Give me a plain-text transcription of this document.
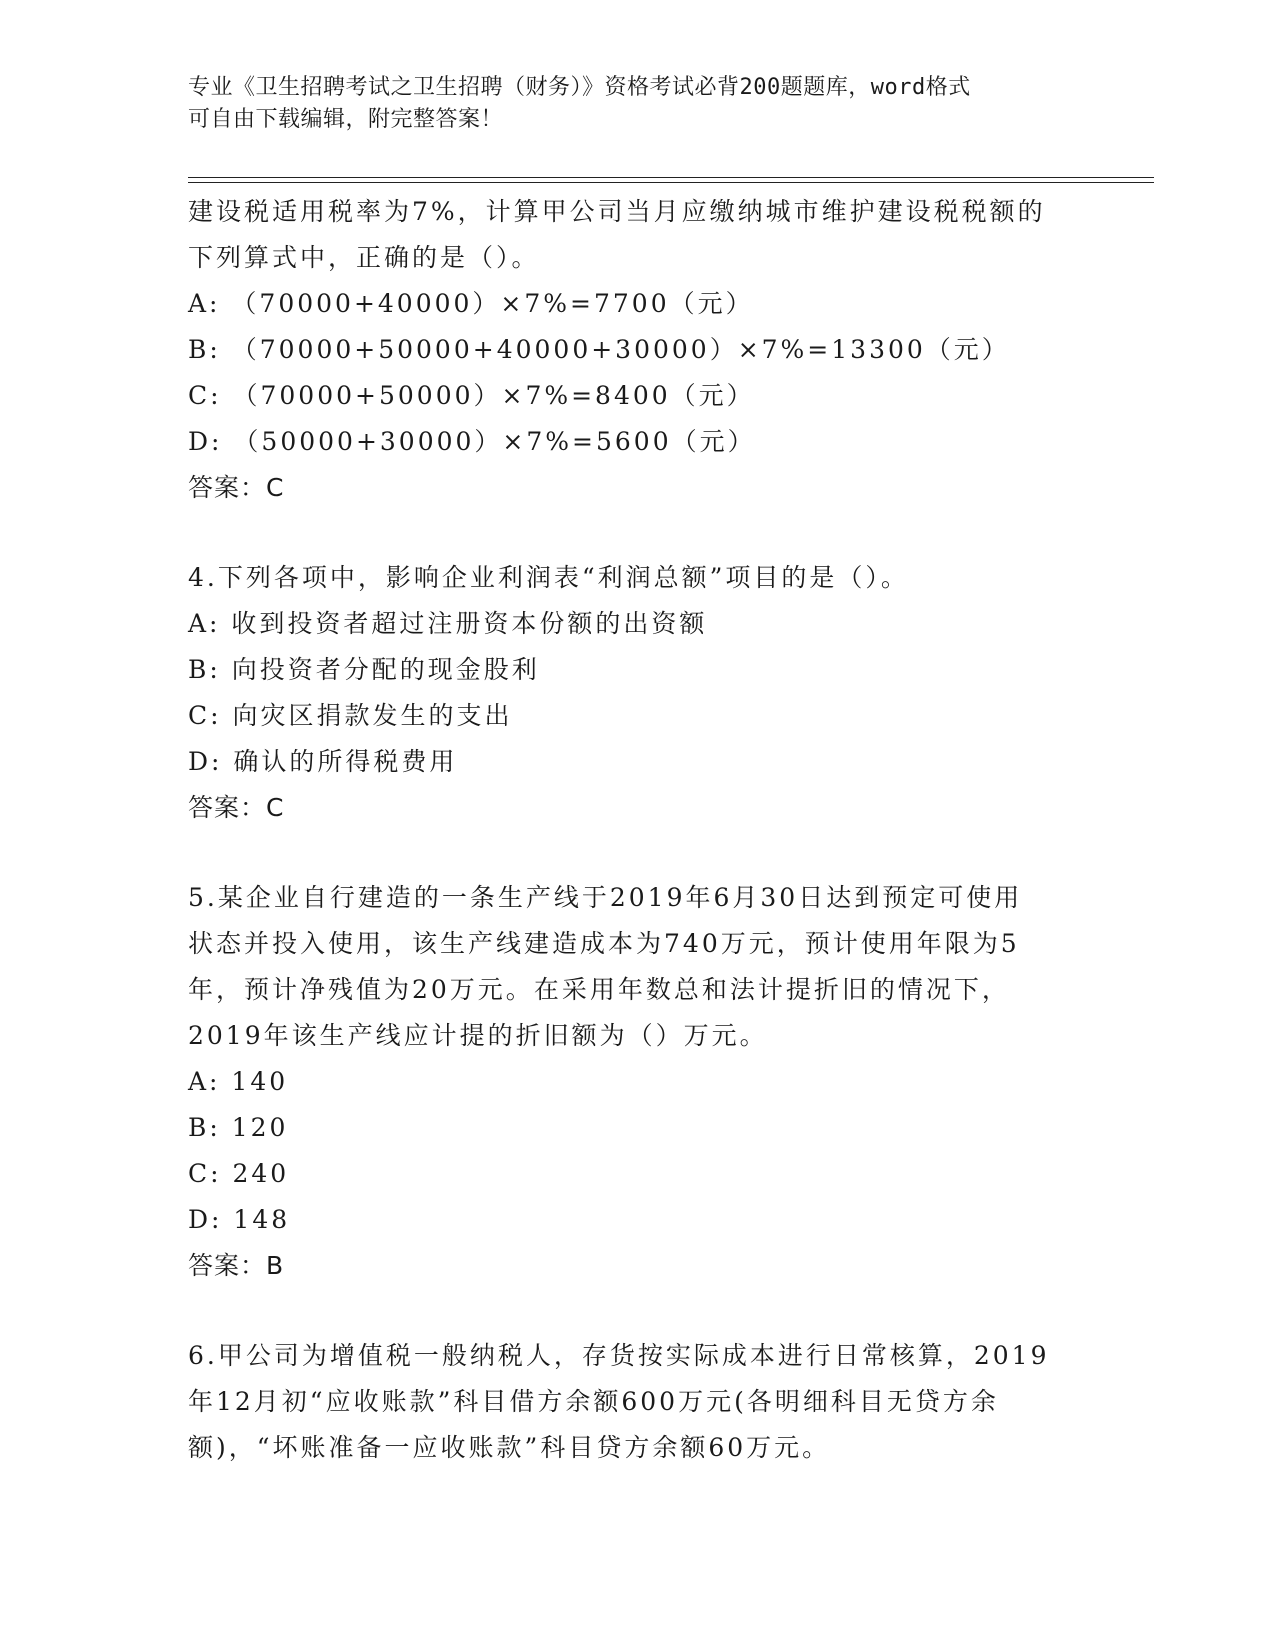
专业《卫生招聘考试之卫生招聘（财务）》资格考试必背200题题库，word格式
可自由下载编辑，附完整答案！
建设税适用税率为7%，计算甲公司当月应缴纳城市维护建设税税额的
下列算式中，正确的是（）。
A: （70000+40000）×7%=7700（元）
B: （70000+50000+40000+30000）×7%=13300（元）
C: （70000+50000）×7%=8400（元）
D: （50000+30000）×7%=5600（元）
答案：C
4.下列各项中，影响企业利润表“利润总额”项目的是（）。
A: 收到投资者超过注册资本份额的出资额
B: 向投资者分配的现金股利
C: 向灾区捐款发生的支出
D: 确认的所得税费用
答案：C
5.某企业自行建造的一条生产线于2019年6月30日达到预定可使用
状态并投入使用，该生产线建造成本为740万元，预计使用年限为5
年，预计净残值为20万元。在采用年数总和法计提折旧的情况下，
2019年该生产线应计提的折旧额为（）万元。
A: 140
B: 120
C: 240
D: 148
答案：B
6.甲公司为增值税一般纳税人，存货按实际成本进行日常核算，2019
年12月初“应收账款”科目借方余额600万元(各明细科目无贷方余
额)，“坏账准备一应收账款”科目贷方余额60万元。
